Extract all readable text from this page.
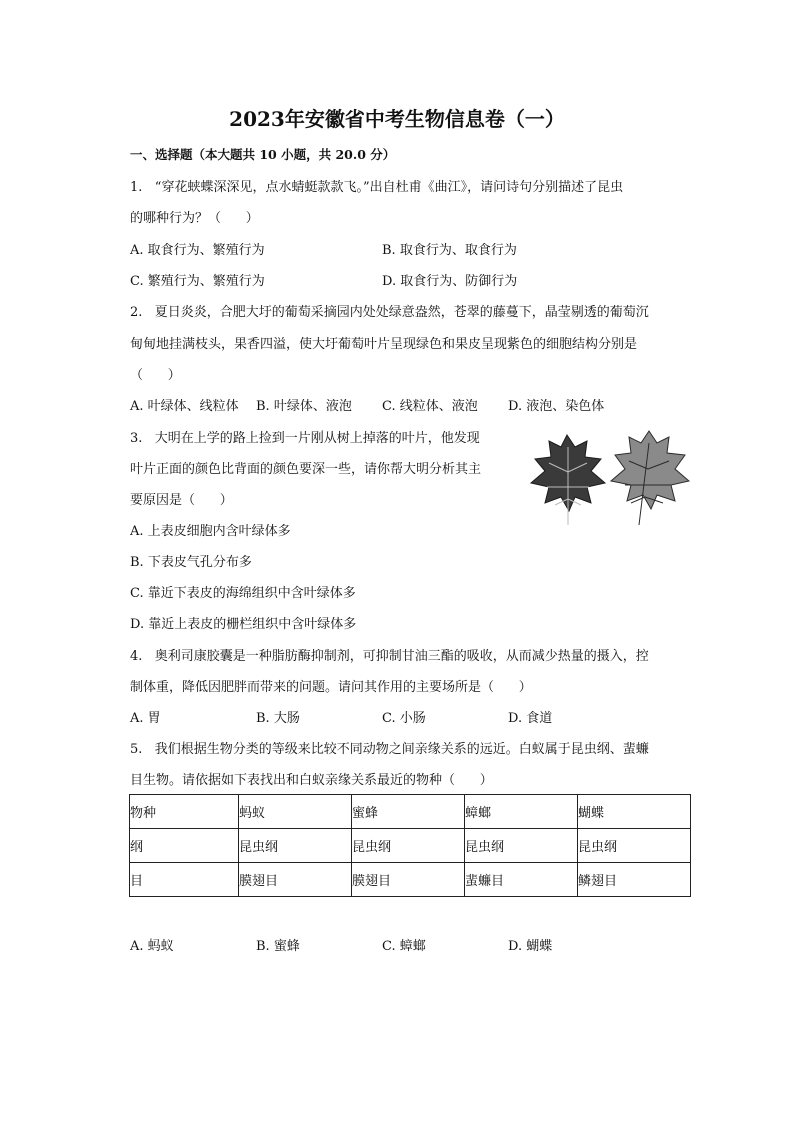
2023年安徽省中考生物信息卷（一）
一、选择题（本大题共 10 小题，共 20.0 分）
1.   “穿花蛱蝶深深见，点水蜻蜓款款飞。”出自杜甫《曲江》，请问诗句分别描述了昆虫
的哪种行为？（      ）
A. 取食行为、繁殖行为	B. 取食行为、取食行为
C. 繁殖行为、繁殖行为	D. 取食行为、防御行为
2.   夏日炎炎，合肥大圩的葡萄采摘园内处处绿意盎然，苍翠的藤蔓下，晶莹剔透的葡萄沉
甸甸地挂满枝头，果香四溢，使大圩葡萄叶片呈现绿色和果皮呈现紫色的细胞结构分别是
（      ）
A. 叶绿体、线粒体 B. 叶绿体、液泡 C. 线粒体、液泡 D. 液泡、染色体
3.   大明在上学的路上捡到一片刚从树上掉落的叶片，他发现
叶片正面的颜色比背面的颜色要深一些，请你帮大明分析其主
要原因是（      ）
A. 上表皮细胞内含叶绿体多
B. 下表皮气孔分布多
C. 靠近下表皮的海绵组织中含叶绿体多
D. 靠近上表皮的栅栏组织中含叶绿体多
4.   奥利司康胶囊是一种脂肪酶抑制剂，可抑制甘油三酯的吸收，从而减少热量的摄入，控
制体重，降低因肥胖而带来的问题。请问其作用的主要场所是（      ）
A. 胃	B. 大肠	C. 小肠	D. 食道
5.   我们根据生物分类的等级来比较不同动物之间亲缘关系的远近。白蚁属于昆虫纲、蜚蠊
目生物。请依据如下表找出和白蚁亲缘关系最近的物种（      ）
物种	蚂蚁	蜜蜂	蟑螂	蝴蝶
纲	昆虫纲	昆虫纲	昆虫纲	昆虫纲
目	膜翅目	膜翅目	蜚蠊目	鳞翅目
A. 蚂蚁	B. 蜜蜂	C. 蟑螂	D. 蝴蝶
